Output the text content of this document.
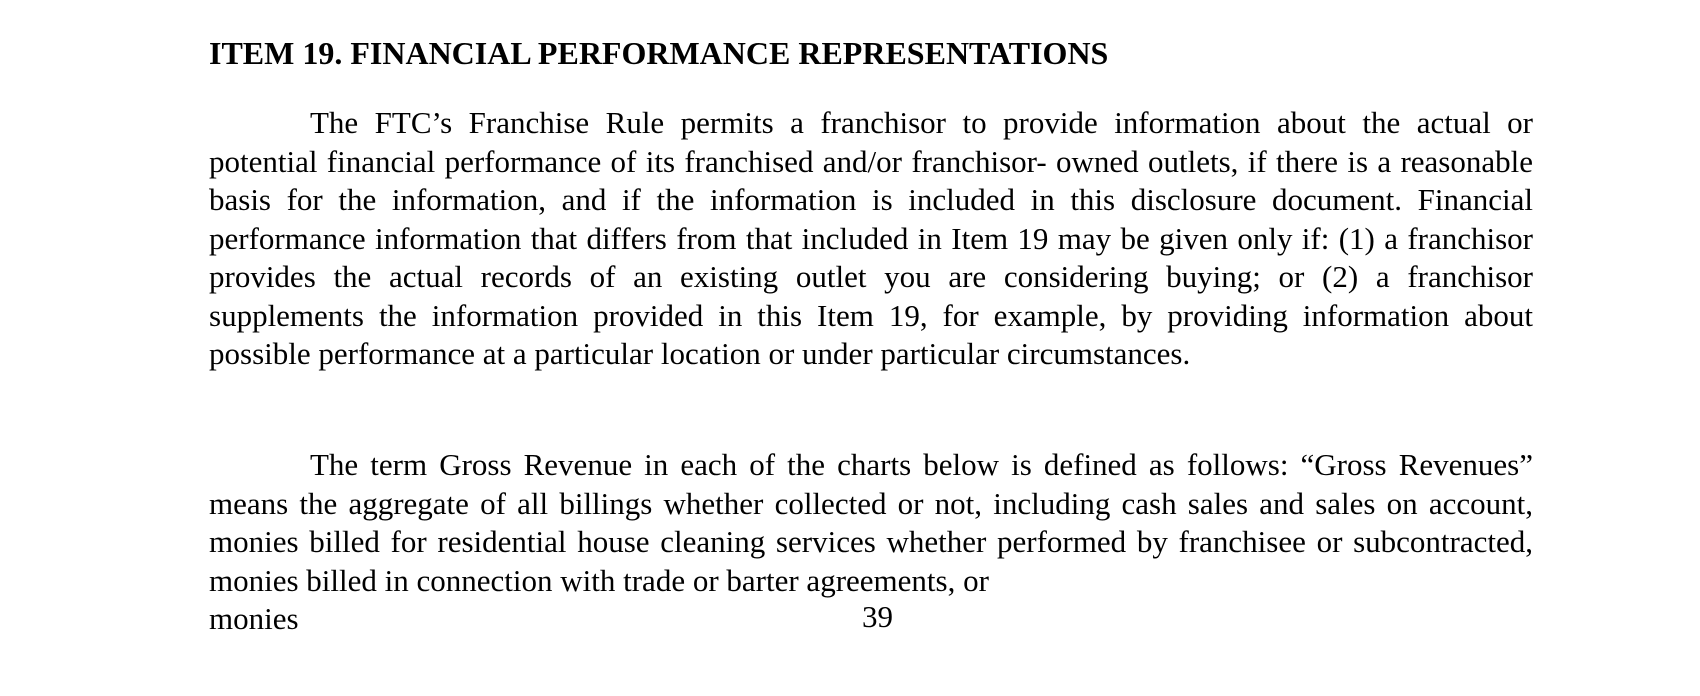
ITEM 19. FINANCIAL PERFORMANCE REPRESENTATIONS

The FTC’s Franchise Rule permits a franchisor to provide information about the actual or potential financial performance of its franchised and/or franchisor- owned outlets, if there is a reasonable basis for the information, and if the information is included in this disclosure document. Financial performance information that differs from that included in Item 19 may be given only if: (1) a franchisor provides the actual records of an existing outlet you are considering buying; or (2) a franchisor supplements the information provided in this Item 19, for example, by providing information about possible performance at a particular location or under particular circumstances.

The term Gross Revenue in each of the charts below is defined as follows: “Gross Revenues” means the aggregate of all billings whether collected or not, including cash sales and sales on account, monies billed for residential house cleaning services whether performed by franchisee or subcontracted, monies billed in connection with trade or barter agreements, or

monies	39
